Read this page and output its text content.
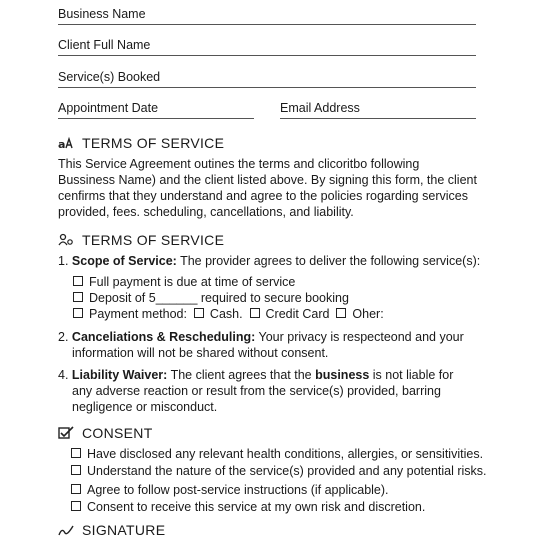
Business Name
Client Full Name
Service(s) Booked
Appointment Date	Email Address
a TERMS OF SERVICE
This Service Agreement outines the terms and clicoritbo following Bussiness Name) and the client listed above. By signing this form, the client cenfirms that they understand and agree to the policies rogarding services provided, fees. scheduling, cancellations, and liability.
TERMS OF SERVICE
1. Scope of Service: The provider agrees to deliver the following service(s):
Full payment is due at time of service
Deposit of 5______ required to secure booking
Payment method: Cash. Credit Card Oher:
2. Canceliations & Rescheduling: Your privacy is respecteond and your
information will not be shared without consent.
4. Liability Waiver: The client agrees that the business is not liable for
any adverse reaction or result from the service(s) provided, barring
negligence or misconduct.
CONSENT
Have disclosed any relevant health conditions, allergies, or sensitivities.
Understand the nature of the service(s) provided and any potential risks.
Agree to follow post-service instructions (if applicable).
Consent to receive this service at my own risk and discretion.
SIGNATURE
